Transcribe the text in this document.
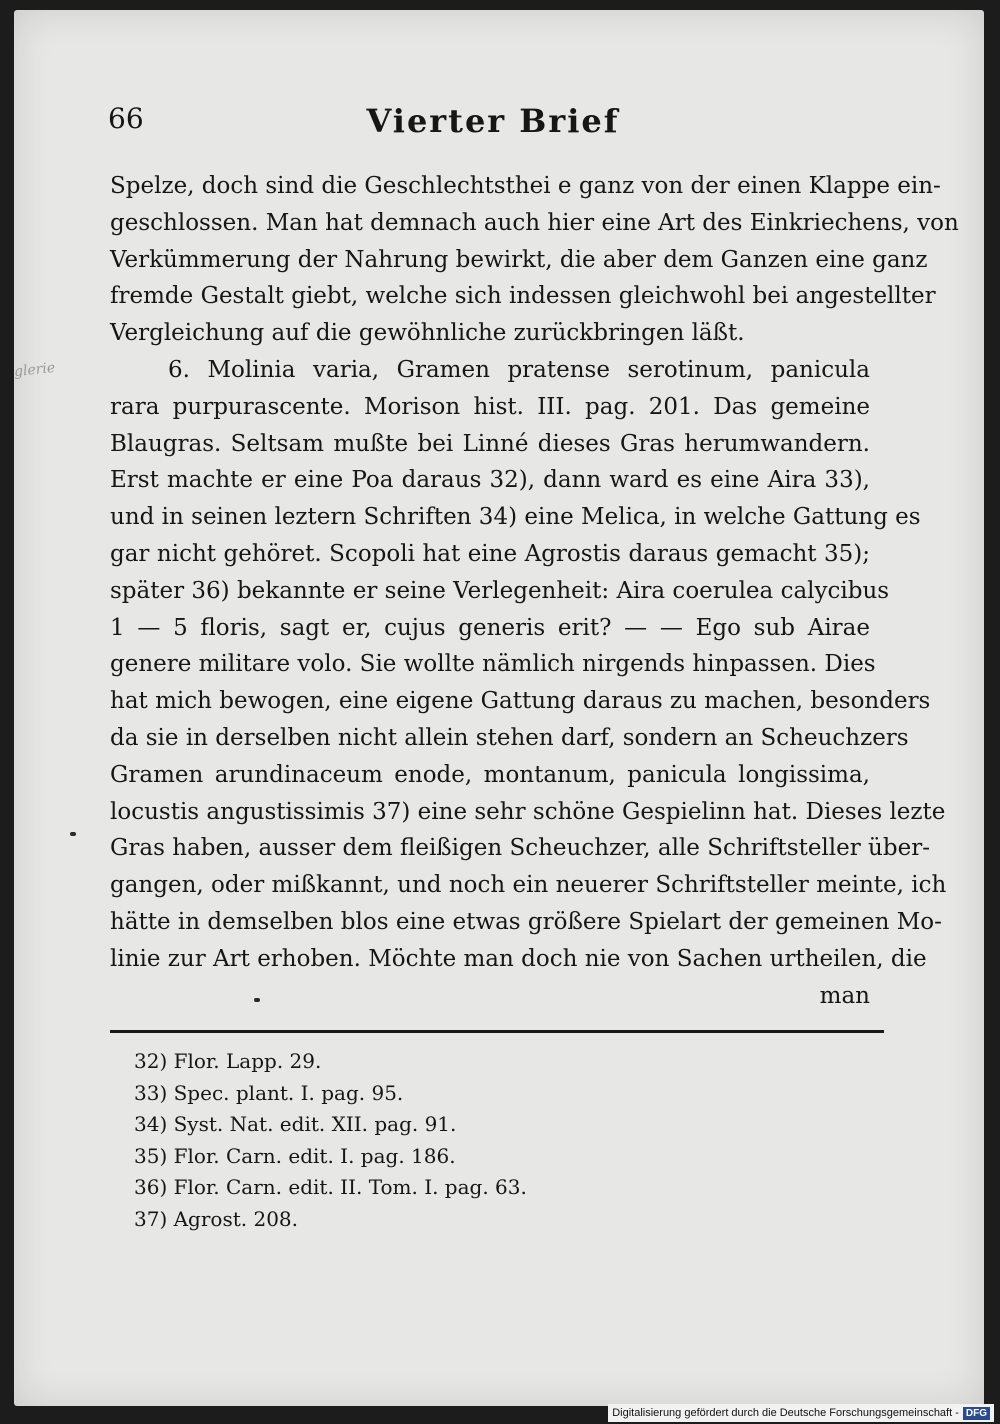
66	Vierter Brief
glerie
Spelze, doch sind die Geschlechtsthei e ganz von der einen Klappe ein-
geschlossen. Man hat demnach auch hier eine Art des Einkriechens, von
Verkümmerung der Nahrung bewirkt, die aber dem Ganzen eine ganz
fremde Gestalt giebt, welche sich indessen gleichwohl bei angestellter
Vergleichung auf die gewöhnliche zurückbringen läßt.
6. Molinia varia, Gramen pratense serotinum, panicula
rara purpurascente. Morison hist. III. pag. 201. Das gemeine
Blaugras. Seltsam mußte bei Linné dieses Gras herumwandern.
Erst machte er eine Poa daraus 32), dann ward es eine Aira 33),
und in seinen leztern Schriften 34) eine Melica, in welche Gattung es
gar nicht gehöret. Scopoli hat eine Agrostis daraus gemacht 35);
später 36) bekannte er seine Verlegenheit: Aira coerulea calycibus
1 — 5 floris, sagt er, cujus generis erit? — — Ego sub Airae
genere militare volo. Sie wollte nämlich nirgends hinpassen. Dies
hat mich bewogen, eine eigene Gattung daraus zu machen, besonders
da sie in derselben nicht allein stehen darf, sondern an Scheuchzers
Gramen arundinaceum enode, montanum, panicula longissima,
locustis angustissimis 37) eine sehr schöne Gespielinn hat. Dieses lezte
Gras haben, ausser dem fleißigen Scheuchzer, alle Schriftsteller über-
gangen, oder mißkannt, und noch ein neuerer Schriftsteller meinte, ich
hätte in demselben blos eine etwas größere Spielart der gemeinen Mo-
linie zur Art erhoben. Möchte man doch nie von Sachen urtheilen, die
man
32) Flor. Lapp. 29.
33) Spec. plant. I. pag. 95.
34) Syst. Nat. edit. XII. pag. 91.
35) Flor. Carn. edit. I. pag. 186.
36) Flor. Carn. edit. II. Tom. I. pag. 63.
37) Agrost. 208.
Digitalisierung gefördert durch die Deutsche Forschungsgemeinschaft - DFG
